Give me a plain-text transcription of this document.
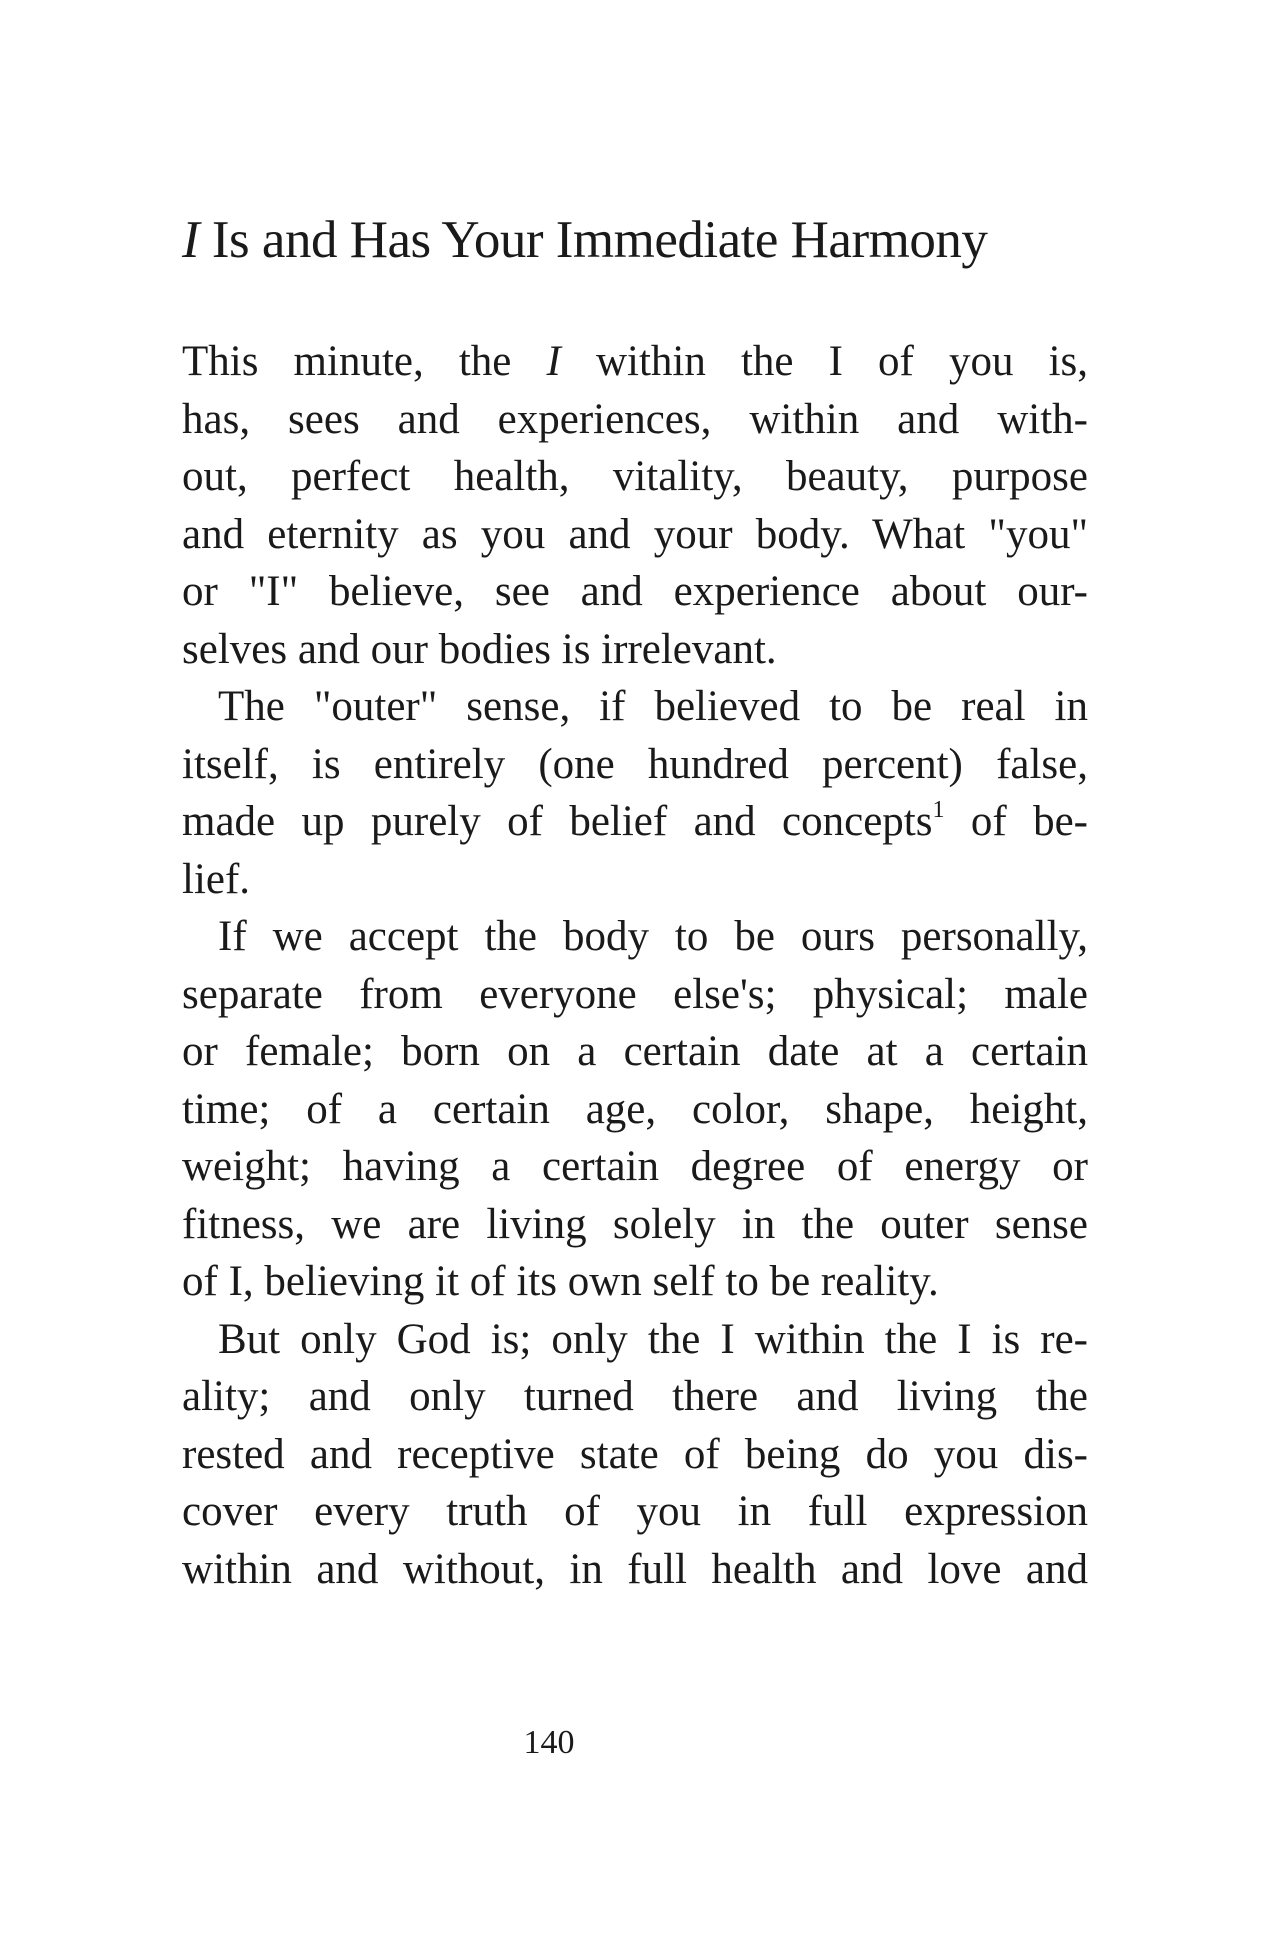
I Is and Has Your Immediate Harmony
This minute, the I within the I of you is,
has, sees and experiences, within and with-
out, perfect health, vitality, beauty, purpose
and eternity as you and your body. What "you"
or "I" believe, see and experience about our-
selves and our bodies is irrelevant.
The "outer" sense, if believed to be real in
itself, is entirely (one hundred percent) false,
made up purely of belief and concepts$^1$ of be-
lief.
If we accept the body to be ours personally,
separate from everyone else's; physical; male
or female; born on a certain date at a certain
time; of a certain age, color, shape, height,
weight; having a certain degree of energy or
fitness, we are living solely in the outer sense
of I, believing it of its own self to be reality.
But only God is; only the I within the I is re-
ality; and only turned there and living the
rested and receptive state of being do you dis-
cover every truth of you in full expression
within and without, in full health and love and
140
